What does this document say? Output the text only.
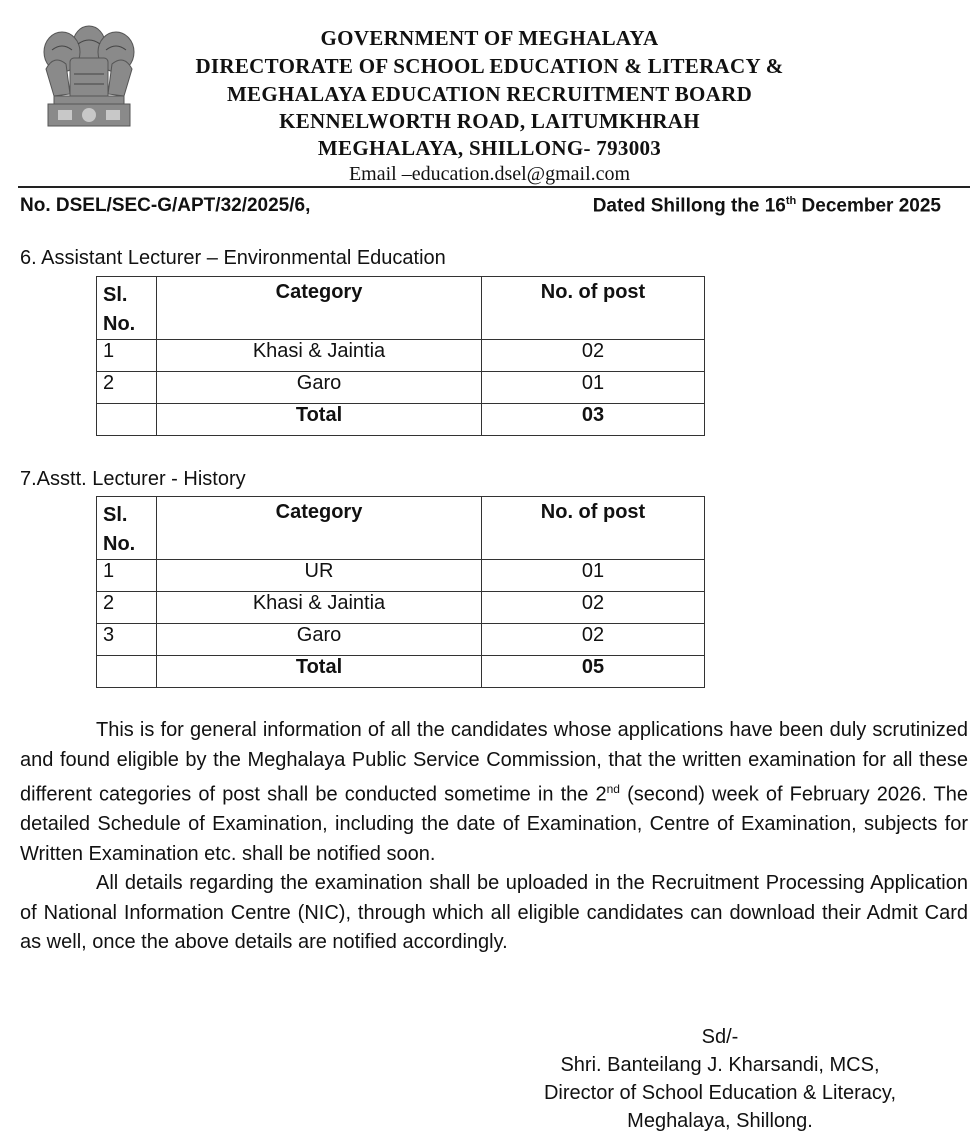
GOVERNMENT OF MEGHALAYA
DIRECTORATE OF SCHOOL EDUCATION & LITERACY &
MEGHALAYA EDUCATION RECRUITMENT BOARD
KENNELWORTH ROAD, LAITUMKHRAH
MEGHALAYA, SHILLONG- 793003
Email –education.dsel@gmail.com
No. DSEL/SEC-G/APT/32/2025/6,	Dated Shillong the 16th December 2025
6. Assistant Lecturer – Environmental Education
Sl.
No.	Category	No. of post
1	Khasi & Jaintia	02
2	Garo	01
	Total	03
7.Asstt. Lecturer - History
Sl.
No.	Category	No. of post
1	UR	01
2	Khasi & Jaintia	02
3	Garo	02
	Total	05

This is for general information of all the candidates whose applications have been duly scrutinized and found eligible by the Meghalaya Public Service Commission, that the written examination for all these different categories of post shall be conducted sometime in the 2nd (second) week of February 2026. The detailed Schedule of Examination, including the date of Examination, Centre of Examination, subjects for Written Examination etc. shall be notified soon.

All details regarding the examination shall be uploaded in the Recruitment Processing Application of National Information Centre (NIC), through which all eligible candidates can download their Admit Card as well, once the above details are notified accordingly.

Sd/-
Shri. Banteilang J. Kharsandi, MCS,
Director of School Education & Literacy,
Meghalaya, Shillong.
